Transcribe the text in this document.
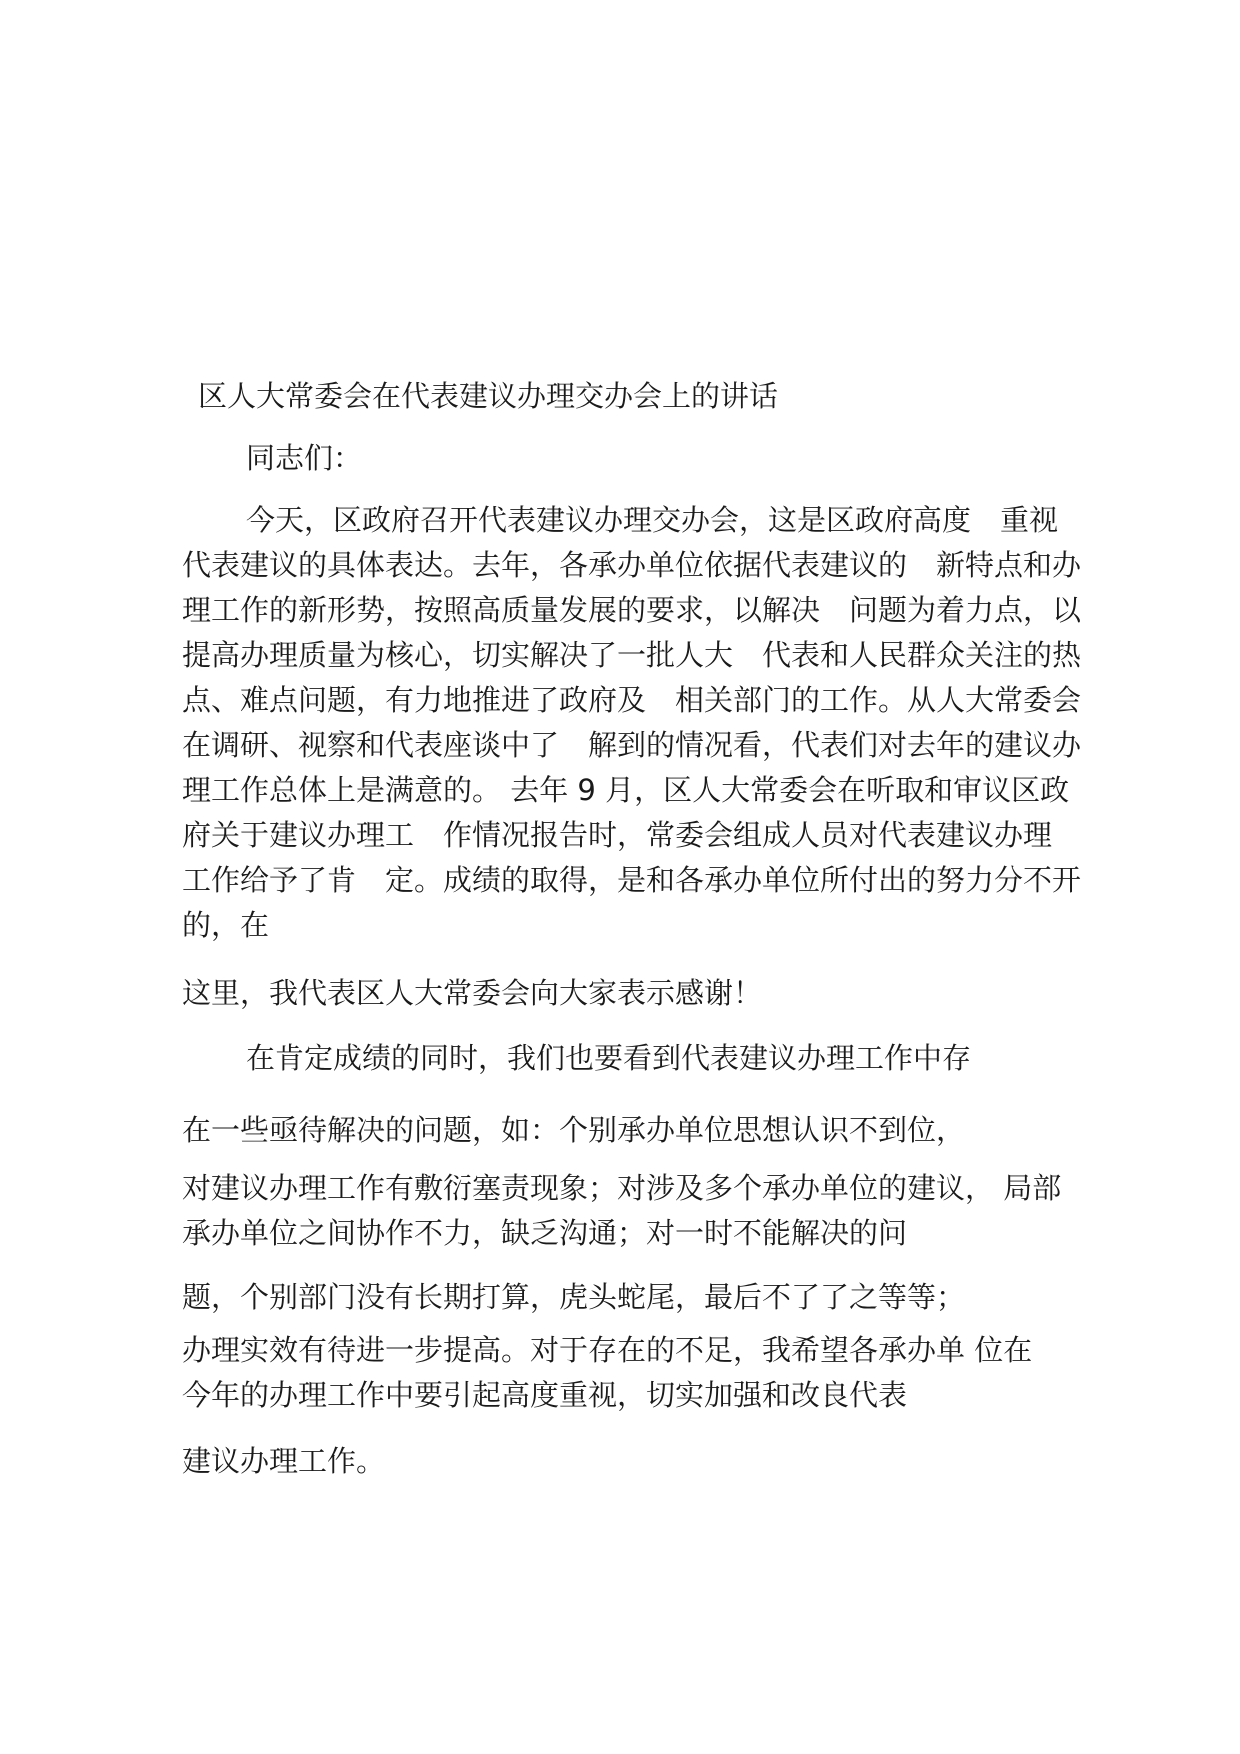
区人大常委会在代表建议办理交办会上的讲话

同志们：

今天，区政府召开代表建议办理交办会，这是区政府高度　重视

代表建议的具体表达。去年，各承办单位依据代表建议的　新特点和办

理工作的新形势，按照高质量发展的要求，以解决　问题为着力点，以

提高办理质量为核心，切实解决了一批人大　代表和人民群众关注的热

点、难点问题，有力地推进了政府及　相关部门的工作。从人大常委会

在调研、视察和代表座谈中了　解到的情况看，代表们对去年的建议办

理工作总体上是满意的。 去年 9 月，区人大常委会在听取和审议区政

府关于建议办理工　作情况报告时，常委会组成人员对代表建议办理

工作给予了肯　定。成绩的取得，是和各承办单位所付出的努力分不开

的，在

这里，我代表区人大常委会向大家表示感谢！

在肯定成绩的同时，我们也要看到代表建议办理工作中存

在一些亟待解决的问题，如：个别承办单位思想认识不到位，

对建议办理工作有敷衍塞责现象；对涉及多个承办单位的建议， 局部

承办单位之间协作不力，缺乏沟通；对一时不能解决的问

题，个别部门没有长期打算，虎头蛇尾，最后不了了之等等；

办理实效有待进一步提高。对于存在的不足，我希望各承办单 位在

今年的办理工作中要引起高度重视，切实加强和改良代表

建议办理工作。
